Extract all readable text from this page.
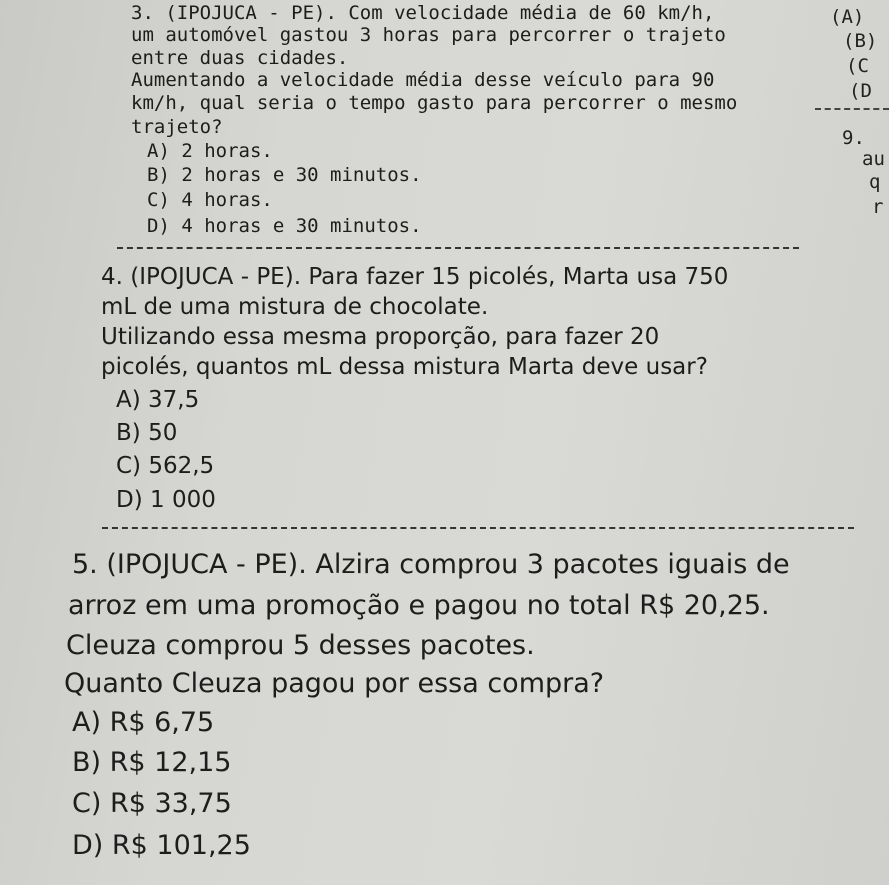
3. (IPOJUCA - PE). Com velocidade média de 60 km/h,
um automóvel gastou 3 horas para percorrer o trajeto
entre duas cidades.
Aumentando a velocidade média desse veículo para 90
km/h, qual seria o tempo gasto para percorrer o mesmo
trajeto?
A) 2 horas.
B) 2 horas e 30 minutos.
C) 4 horas.
D) 4 horas e 30 minutos.
4. (IPOJUCA - PE). Para fazer 15 picolés, Marta usa 750
mL de uma mistura de chocolate.
Utilizando essa mesma proporção, para fazer 20
picolés, quantos mL dessa mistura Marta deve usar?
A) 37,5
B) 50
C) 562,5
D) 1 000
5. (IPOJUCA - PE). Alzira comprou 3 pacotes iguais de
arroz em uma promoção e pagou no total R$ 20,25.
Cleuza comprou 5 desses pacotes.
Quanto Cleuza pagou por essa compra?
A) R$ 6,75
B) R$ 12,15
C) R$ 33,75
D) R$ 101,25
(A)
(B)
(C
(D
9.
au
q
r
